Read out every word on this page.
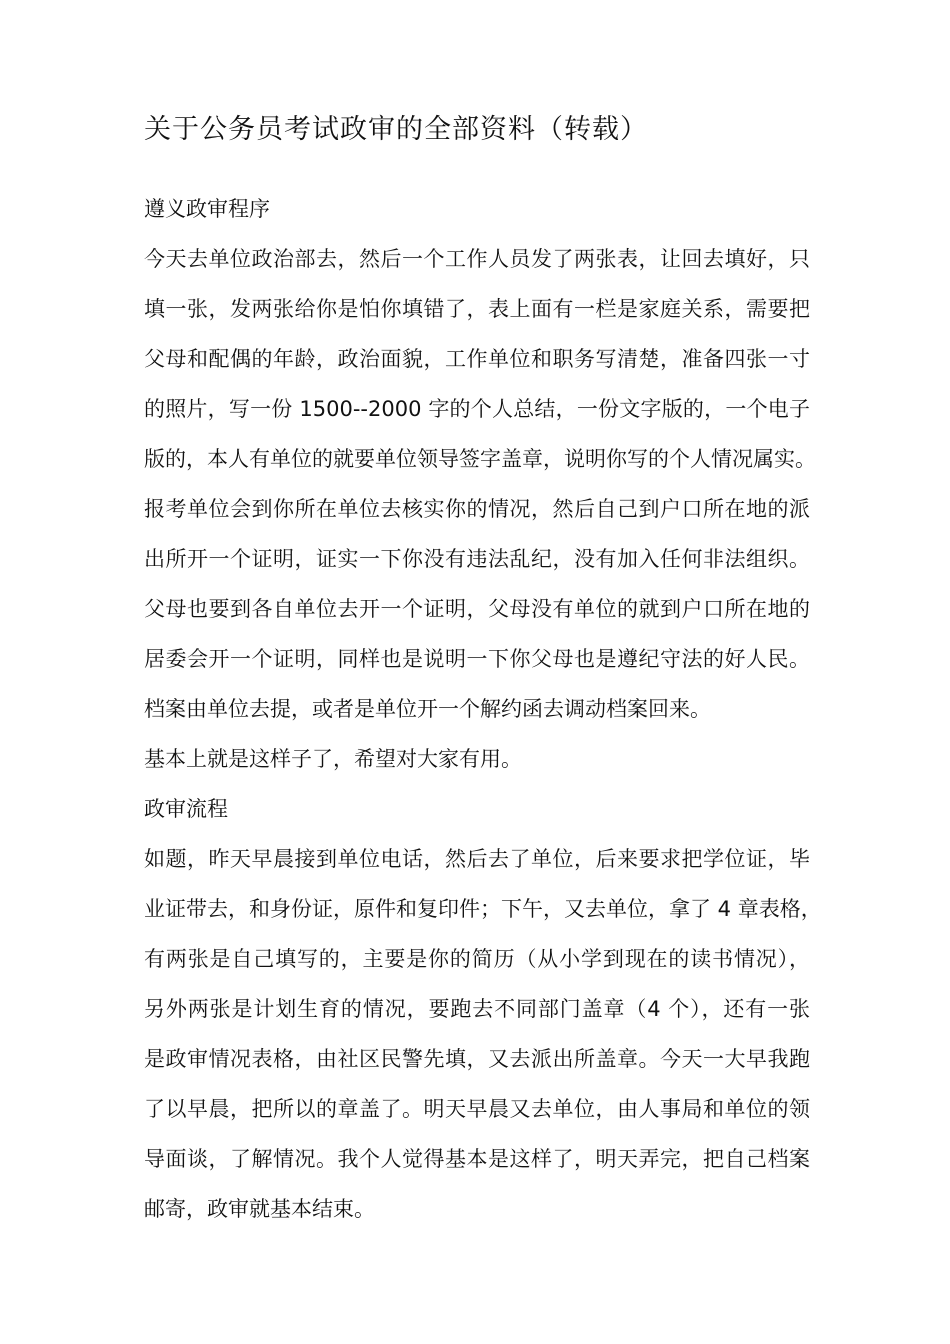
关于公务员考试政审的全部资料（转载）
遵义政审程序
今天去单位政治部去，然后一个工作人员发了两张表，让回去填好，只
填一张，发两张给你是怕你填错了，表上面有一栏是家庭关系，需要把
父母和配偶的年龄，政治面貌，工作单位和职务写清楚，准备四张一寸
的照片，写一份 1500--2000 字的个人总结，一份文字版的，一个电子
版的，本人有单位的就要单位领导签字盖章，说明你写的个人情况属实。
报考单位会到你所在单位去核实你的情况，然后自己到户口所在地的派
出所开一个证明，证实一下你没有违法乱纪，没有加入任何非法组织。
父母也要到各自单位去开一个证明，父母没有单位的就到户口所在地的
居委会开一个证明，同样也是说明一下你父母也是遵纪守法的好人民。
档案由单位去提，或者是单位开一个解约函去调动档案回来。
基本上就是这样子了，希望对大家有用。
政审流程
如题，昨天早晨接到单位电话，然后去了单位，后来要求把学位证，毕
业证带去，和身份证，原件和复印件；下午，又去单位，拿了 4 章表格，
有两张是自己填写的，主要是你的简历（从小学到现在的读书情况），
另外两张是计划生育的情况，要跑去不同部门盖章（4 个），还有一张
是政审情况表格，由社区民警先填，又去派出所盖章。今天一大早我跑
了以早晨，把所以的章盖了。明天早晨又去单位，由人事局和单位的领
导面谈，了解情况。我个人觉得基本是这样了，明天弄完，把自己档案
邮寄，政审就基本结束。
